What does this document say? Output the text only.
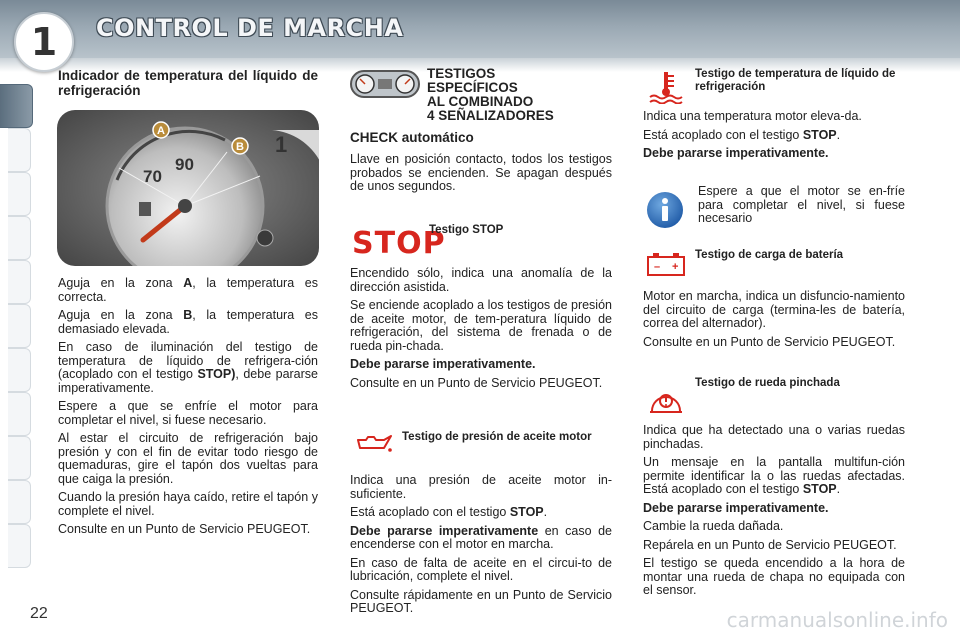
1	CONTROL DE MARCHA
Indicador de temperatura del líquido de refrigeración
70
90
1
A
B

Aguja en la zona A, la temperatura es correcta.

Aguja en la zona B, la temperatura es demasiado elevada.

En caso de iluminación del testigo de temperatura de líquido de refrigera-ción (acoplado con el testigo STOP), debe pararse imperativamente.

Espere a que se enfríe el motor para completar el nivel, si fuese necesario.

Al estar el circuito de refrigeración bajo presión y con el fin de evitar todo riesgo de quemaduras, gire el tapón dos vueltas para que caiga la presión.

Cuando la presión haya caído, retire el tapón y complete el nivel.

Consulte en un Punto de Servicio PEUGEOT.

TESTIGOS
ESPECÍFICOS
AL COMBINADO
4 SEÑALIZADORES
CHECK automático

Llave en posición contacto, todos los testigos probados se encienden. Se apagan después de unos segundos.

STOP
Testigo STOP

Encendido sólo, indica una anomalía de la dirección asistida.

Se enciende acoplado a los testigos de presión de aceite motor, de tem-peratura líquido de refrigeración, del sistema de frenada o de rueda pin-chada.

Debe pararse imperativamente.

Consulte en un Punto de Servicio PEUGEOT.

Testigo de presión de aceite motor

Indica una presión de aceite motor in-suficiente.

Está acoplado con el testigo STOP.

Debe pararse imperativamente en caso de encenderse con el motor en marcha.

En caso de falta de aceite en el circui-to de lubricación, complete el nivel.

Consulte rápidamente en un Punto de Servicio PEUGEOT.

Testigo de temperatura de líquido de refrigeración

Indica una temperatura motor eleva-da.

Está acoplado con el testigo STOP.

Debe pararse imperativamente.

Espere a que el motor se en-fríe para completar el nivel, si fuese necesario

– +
Testigo de carga de batería

Motor en marcha, indica un disfuncio-namiento del circuito de carga (termina-les de batería, correa del alternador).

Consulte en un Punto de Servicio PEUGEOT.

Testigo de rueda pinchada

Indica que ha detectado una o varias ruedas pinchadas.

Un mensaje en la pantalla multifun-ción permite identificar la o las ruedas afectadas. Está acoplado con el testigo STOP.

Debe pararse imperativamente.

Cambie la rueda dañada.

Repárela en un Punto de Servicio PEUGEOT.

El testigo se queda encendido a la hora de montar una rueda de chapa no equipada con el sensor.

22	carmanualsonline.info
